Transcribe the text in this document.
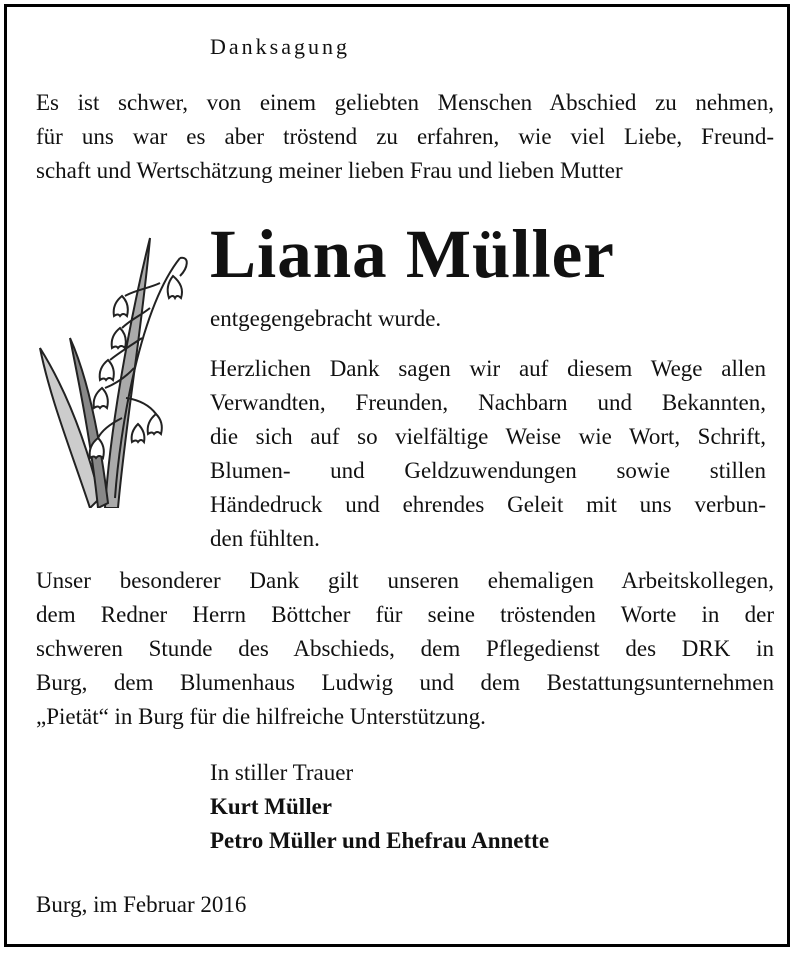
Danksagung
Es ist schwer, von einem geliebten Menschen Abschied zu nehmen,
für uns war es aber tröstend zu erfahren, wie viel Liebe, Freund-
schaft und Wertschätzung meiner lieben Frau und lieben Mutter
Liana Müller
entgegengebracht wurde.
Herzlichen Dank sagen wir auf diesem Wege allen
Verwandten, Freunden, Nachbarn und Bekannten,
die sich auf so vielfältige Weise wie Wort, Schrift,
Blumen- und Geldzuwendungen sowie stillen
Händedruck und ehrendes Geleit mit uns verbun-
den fühlten.
Unser besonderer Dank gilt unseren ehemaligen Arbeitskollegen,
dem Redner Herrn Böttcher für seine tröstenden Worte in der
schweren Stunde des Abschieds, dem Pflegedienst des DRK in
Burg, dem Blumenhaus Ludwig und dem Bestattungsunternehmen
„Pietät“ in Burg für die hilfreiche Unterstützung.
In stiller Trauer
Kurt Müller
Petro Müller und Ehefrau Annette
Burg, im Februar 2016
